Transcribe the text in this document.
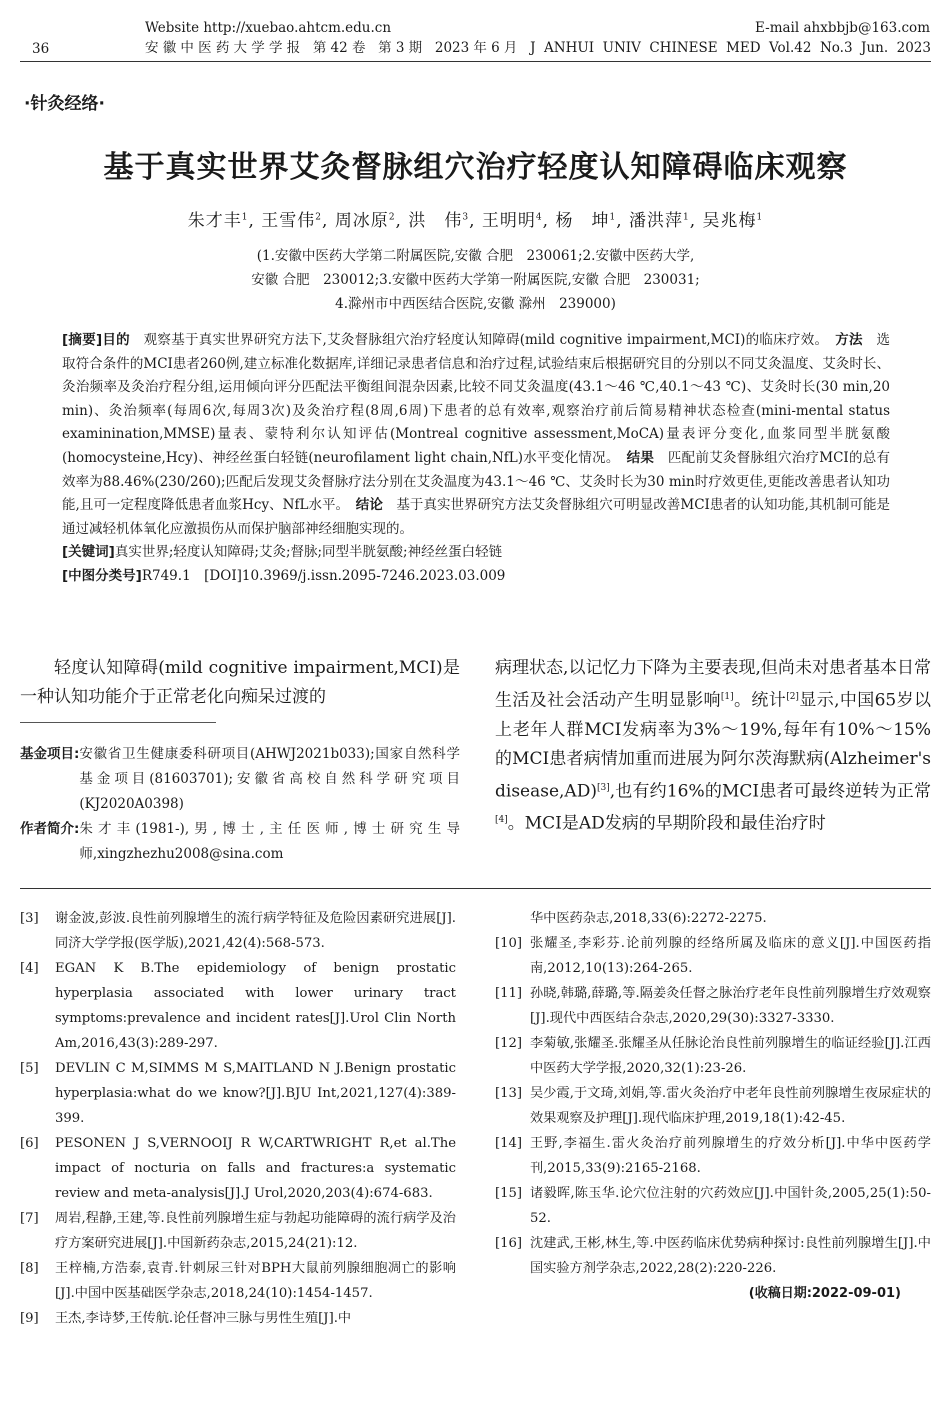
36
Website http://xuebao.ahtcm.edu.cn	E-mail ahxbbjb@163.com
安徽中医药大学学报 第42卷 第3期 2023年6月 J ANHUI UNIV CHINESE MED Vol.42 No.3 Jun. 2023
·针灸经络·
基于真实世界艾灸督脉组穴治疗轻度认知障碍临床观察
朱才丰$^1$, 王雪伟$^2$, 周冰原$^2$, 洪　伟$^3$, 王明明$^4$, 杨　坤$^1$, 潘洪萍$^1$, 吴兆梅$^1$
(1.安徽中医药大学第二附属医院,安徽 合肥　230061;2.安徽中医药大学,
安徽 合肥　230012;3.安徽中医药大学第一附属医院,安徽 合肥　230031;
4.滁州市中西医结合医院,安徽 滁州　239000)
[摘要]目的　 观察基于真实世界研究方法下,艾灸督脉组穴治疗轻度认知障碍(mild cognitive impairment,MCI)的临床疗效。　 方法　 选取符合条件的MCI患者260例,建立标准化数据库,详细记录患者信息和治疗过程,试验结束后根据研究目的分别以不同艾灸温度、艾灸时长、灸治频率及灸治疗程分组,运用倾向评分匹配法平衡组间混杂因素,比较不同艾灸温度(43.1～46 ℃,40.1～43 ℃)、艾灸时长(30 min,20 min)、灸治频率(每周6次,每周3次)及灸治疗程(8周,6周)下患者的总有效率,观察治疗前后简易精神状态检查(mini-mental status examinination,MMSE)量表、蒙特利尔认知评估(Montreal cognitive assessment,MoCA)量表评分变化,血浆同型半胱氨酸(homocysteine,Hcy)、神经丝蛋白轻链(neurofilament light chain,NfL)水平变化情况。　 结果　 匹配前艾灸督脉组穴治疗MCI的总有效率为88.46%(230/260);匹配后发现艾灸督脉疗法分别在艾灸温度为43.1～46 ℃、艾灸时长为30 min时疗效更佳,更能改善患者认知功能,且可一定程度降低患者血浆Hcy、NfL水平。　 结论　 基于真实世界研究方法艾灸督脉组穴可明显改善MCI患者的认知功能,其机制可能是通过减轻机体氧化应激损伤从而保护脑部神经细胞实现的。
[关键词]真实世界;轻度认知障碍;艾灸;督脉;同型半胱氨酸;神经丝蛋白轻链
[中图分类号]R749.1　[DOI]10.3969/j.issn.2095-7246.2023.03.009
轻度认知障碍(mild cognitive impairment,MCI)是一种认知功能介于正常老化向痴呆过渡的
基金项目: 安徽省卫生健康委科研项目(AHWJ2021b033);国家自然科学基金项目(81603701);安徽省高校自然科学研究项目(KJ2020A0398)
作者简介: 朱才丰(1981-),男,博士,主任医师,博士研究生导师,xingzhezhu2008@sina.com
病理状态,以记忆力下降为主要表现,但尚未对患者基本日常生活及社会活动产生明显影响[1]。统计[2]显示,中国65岁以上老年人群MCI发病率为3%～19%,每年有10%～15%的MCI患者病情加重而进展为阿尔茨海默病(Alzheimer's disease,AD)[3],也有约16%的MCI患者可最终逆转为正常[4]。MCI是AD发病的早期阶段和最佳治疗时
[3]	谢金波,彭波.良性前列腺增生的流行病学特征及危险因素研究进展[J].同济大学学报(医学版),2021,42(4):568-573.
[4]	EGAN K B.The epidemiology of benign prostatic hyperplasia associated with lower urinary tract symptoms:prevalence and incident rates[J].Urol Clin North Am,2016,43(3):289-297.
[5]	DEVLIN C M,SIMMS M S,MAITLAND N J.Benign prostatic hyperplasia:what do we know?[J].BJU Int,2021,127(4):389-399.
[6]	PESONEN J S,VERNOOIJ R W,CARTWRIGHT R,et al.The impact of nocturia on falls and fractures:a systematic review and meta-analysis[J].J Urol,2020,203(4):674-683.
[7]	周岩,程静,王建,等.良性前列腺增生症与勃起功能障碍的流行病学及治疗方案研究进展[J].中国新药杂志,2015,24(21):12.
[8]	王梓楠,方浩泰,袁青.针刺尿三针对BPH大鼠前列腺细胞凋亡的影响[J].中国中医基础医学杂志,2018,24(10):1454-1457.
[9]	王杰,李诗梦,王传航.论任督冲三脉与男性生殖[J].中
华中医药杂志,2018,33(6):2272-2275.
[10] 张耀圣,李彩芬.论前列腺的经络所属及临床的意义[J].中国医药指南,2012,10(13):264-265.
[11] 孙晓,韩璐,薛璐,等.隔姜灸任督之脉治疗老年良性前列腺增生疗效观察[J].现代中西医结合杂志,2020,29(30):3327-3330.
[12] 李菊敏,张耀圣.张耀圣从任脉论治良性前列腺增生的临证经验[J].江西中医药大学学报,2020,32(1):23-26.
[13] 吴少霞,于文琦,刘娟,等.雷火灸治疗中老年良性前列腺增生夜尿症状的效果观察及护理[J].现代临床护理,2019,18(1):42-45.
[14] 王野,李福生.雷火灸治疗前列腺增生的疗效分析[J].中华中医药学刊,2015,33(9):2165-2168.
[15] 诸毅晖,陈玉华.论穴位注射的穴药效应[J].中国针灸,2005,25(1):50-52.
[16] 沈建武,王彬,林生,等.中医药临床优势病种探讨:良性前列腺增生[J].中国实验方剂学杂志,2022,28(2):220-226.
(收稿日期:2022-09-01)
